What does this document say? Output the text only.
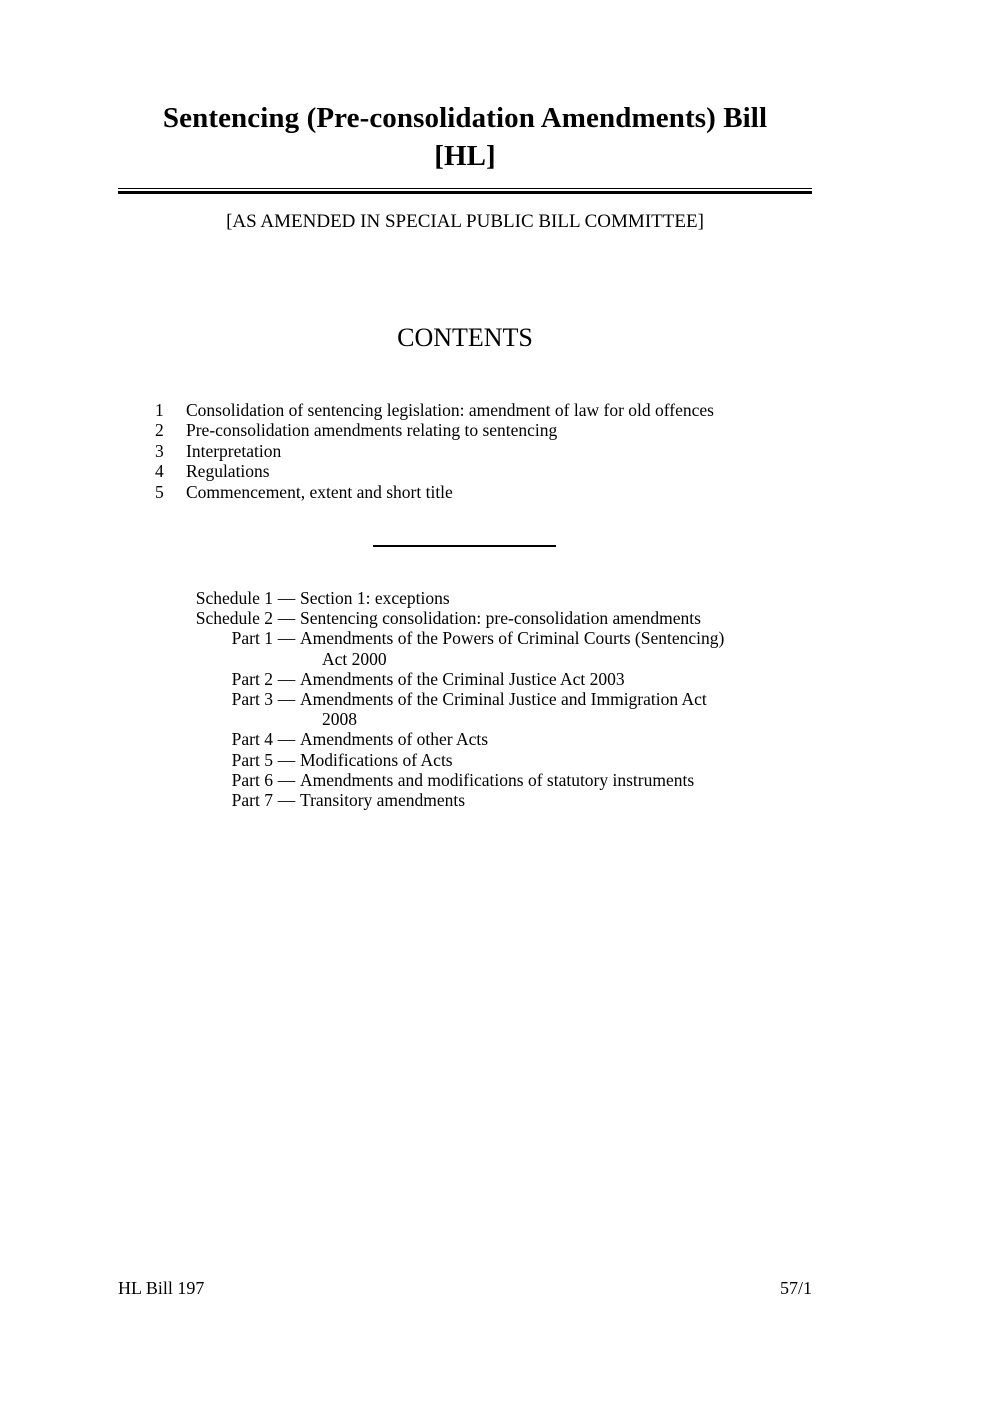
Sentencing (Pre-consolidation Amendments) Bill
[HL]

[AS AMENDED IN SPECIAL PUBLIC BILL COMMITTEE]

CONTENTS
1	Consolidation of sentencing legislation: amendment of law for old offences
2	Pre-consolidation amendments relating to sentencing
3	Interpretation
4	Regulations
5	Commencement, extent and short title
Schedule 1 — Section 1: exceptions
Schedule 2 — Sentencing consolidation: pre-consolidation amendments
Part 1 — Amendments of the Powers of Criminal Courts (Sentencing)
Act 2000
Part 2 — Amendments of the Criminal Justice Act 2003
Part 3 — Amendments of the Criminal Justice and Immigration Act
2008
Part 4 — Amendments of other Acts
Part 5 — Modifications of Acts
Part 6 — Amendments and modifications of statutory instruments
Part 7 — Transitory amendments
HL Bill 197	57/1
